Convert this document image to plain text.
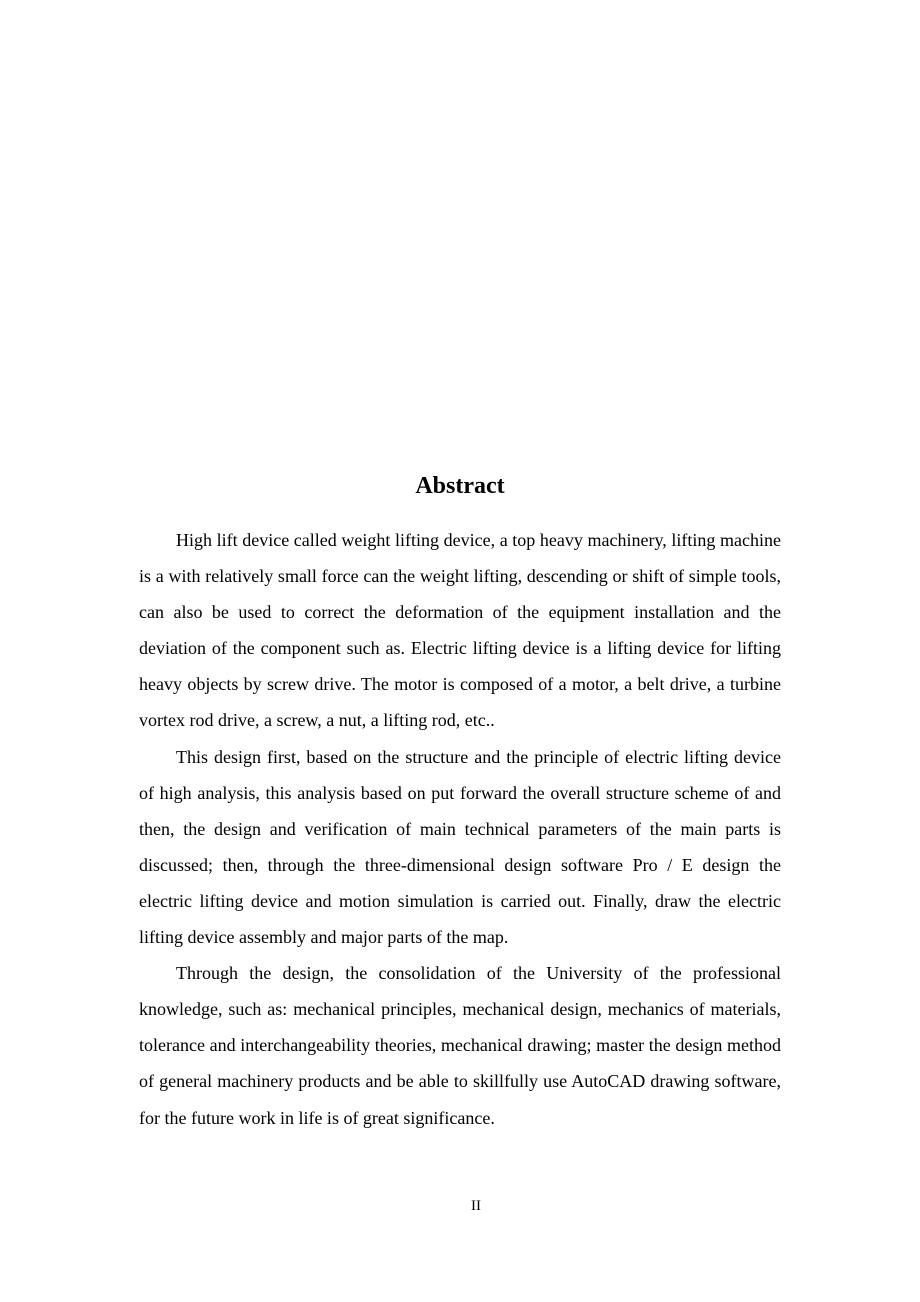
Abstract

High lift device called weight lifting device, a top heavy machinery, lifting machine is a with relatively small force can the weight lifting, descending or shift of simple tools, can also be used to correct the deformation of the equipment installation and the deviation of the component such as. Electric lifting device is a lifting device for lifting heavy objects by screw drive. The motor is composed of a motor, a belt drive, a turbine vortex rod drive, a screw, a nut, a lifting rod, etc..

This design first, based on the structure and the principle of electric lifting device of high analysis, this analysis based on put forward the overall structure scheme of and then, the design and verification of main technical parameters of the main parts is discussed; then, through the three-dimensional design software Pro / E design the electric lifting device and motion simulation is carried out. Finally, draw the electric lifting device assembly and major parts of the map.

Through the design, the consolidation of the University of the professional knowledge, such as: mechanical principles, mechanical design, mechanics of materials, tolerance and interchangeability theories, mechanical drawing; master the design method of general machinery products and be able to skillfully use AutoCAD drawing software, for the future work in life is of great significance.

II
